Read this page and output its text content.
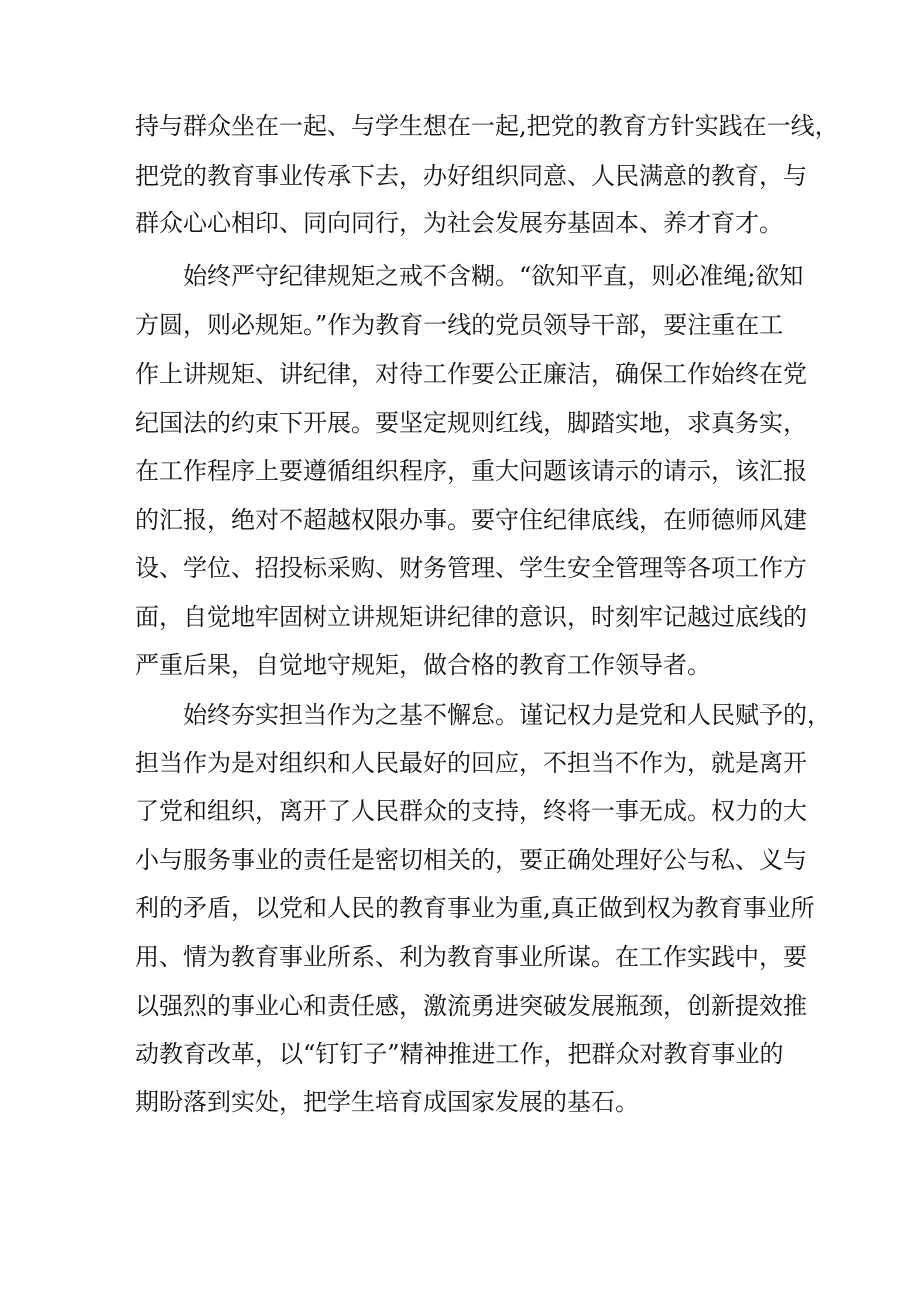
持与群众坐在一起、与学生想在一起,把党的教育方针实践在一线，

把党的教育事业传承下去，办好组织同意、人民满意的教育，与

群众心心相印、同向同行，为社会发展夯基固本、养才育才。

始终严守纪律规矩之戒不含糊。“欲知平直，则必准绳;欲知

方圆，则必规矩。”作为教育一线的党员领导干部，要注重在工

作上讲规矩、讲纪律，对待工作要公正廉洁，确保工作始终在党

纪国法的约束下开展。要坚定规则红线，脚踏实地，求真务实，

在工作程序上要遵循组织程序，重大问题该请示的请示，该汇报

的汇报，绝对不超越权限办事。要守住纪律底线，在师德师风建

设、学位、招投标采购、财务管理、学生安全管理等各项工作方

面，自觉地牢固树立讲规矩讲纪律的意识，时刻牢记越过底线的

严重后果，自觉地守规矩，做合格的教育工作领导者。

始终夯实担当作为之基不懈怠。谨记权力是党和人民赋予的，

担当作为是对组织和人民最好的回应，不担当不作为，就是离开

了党和组织，离开了人民群众的支持，终将一事无成。权力的大

小与服务事业的责任是密切相关的，要正确处理好公与私、义与

利的矛盾，以党和人民的教育事业为重,真正做到权为教育事业所

用、情为教育事业所系、利为教育事业所谋。在工作实践中，要

以强烈的事业心和责任感，激流勇进突破发展瓶颈，创新提效推

动教育改革，以“钉钉子”精神推进工作，把群众对教育事业的

期盼落到实处，把学生培育成国家发展的基石。
